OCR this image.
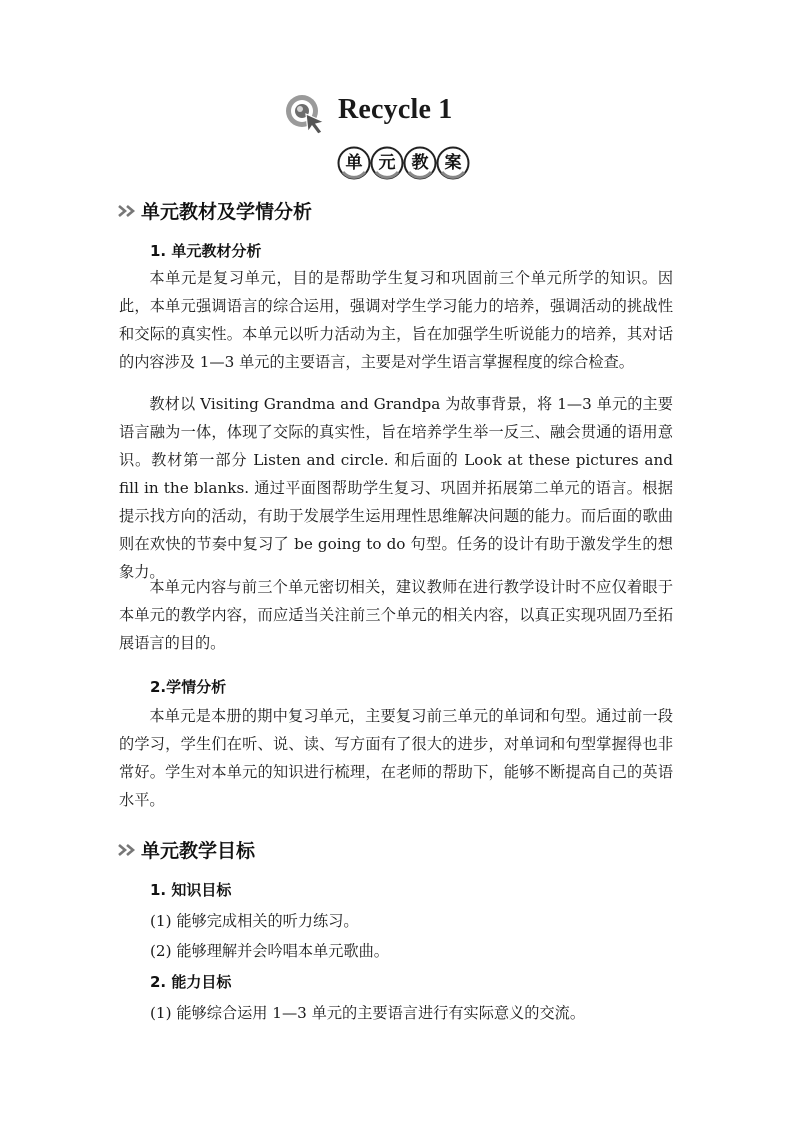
Recycle 1
单 元 教 案
单元教材及学情分析
1. 单元教材分析
本单元是复习单元，目的是帮助学生复习和巩固前三个单元所学的知识。因此，本单元强调语言的综合运用，强调对学生学习能力的培养，强调活动的挑战性和交际的真实性。本单元以听力活动为主，旨在加强学生听说能力的培养，其对话的内容涉及 1—3 单元的主要语言，主要是对学生语言掌握程度的综合检查。
教材以 Visiting Grandma and Grandpa 为故事背景，将 1—3 单元的主要语言融为一体，体现了交际的真实性，旨在培养学生举一反三、融会贯通的语用意识。教材第一部分 Listen and circle. 和后面的 Look at these pictures and fill in the blanks. 通过平面图帮助学生复习、巩固并拓展第二单元的语言。根据提示找方向的活动，有助于发展学生运用理性思维解决问题的能力。而后面的歌曲则在欢快的节奏中复习了 be going to do 句型。任务的设计有助于激发学生的想象力。
本单元内容与前三个单元密切相关，建议教师在进行教学设计时不应仅着眼于本单元的教学内容，而应适当关注前三个单元的相关内容，以真正实现巩固乃至拓展语言的目的。
2.学情分析
本单元是本册的期中复习单元，主要复习前三单元的单词和句型。通过前一段的学习，学生们在听、说、读、写方面有了很大的进步，对单词和句型掌握得也非常好。学生对本单元的知识进行梳理，在老师的帮助下，能够不断提高自己的英语水平。
单元教学目标
1. 知识目标
(1) 能够完成相关的听力练习。
(2) 能够理解并会吟唱本单元歌曲。
2. 能力目标
(1) 能够综合运用 1—3 单元的主要语言进行有实际意义的交流。
